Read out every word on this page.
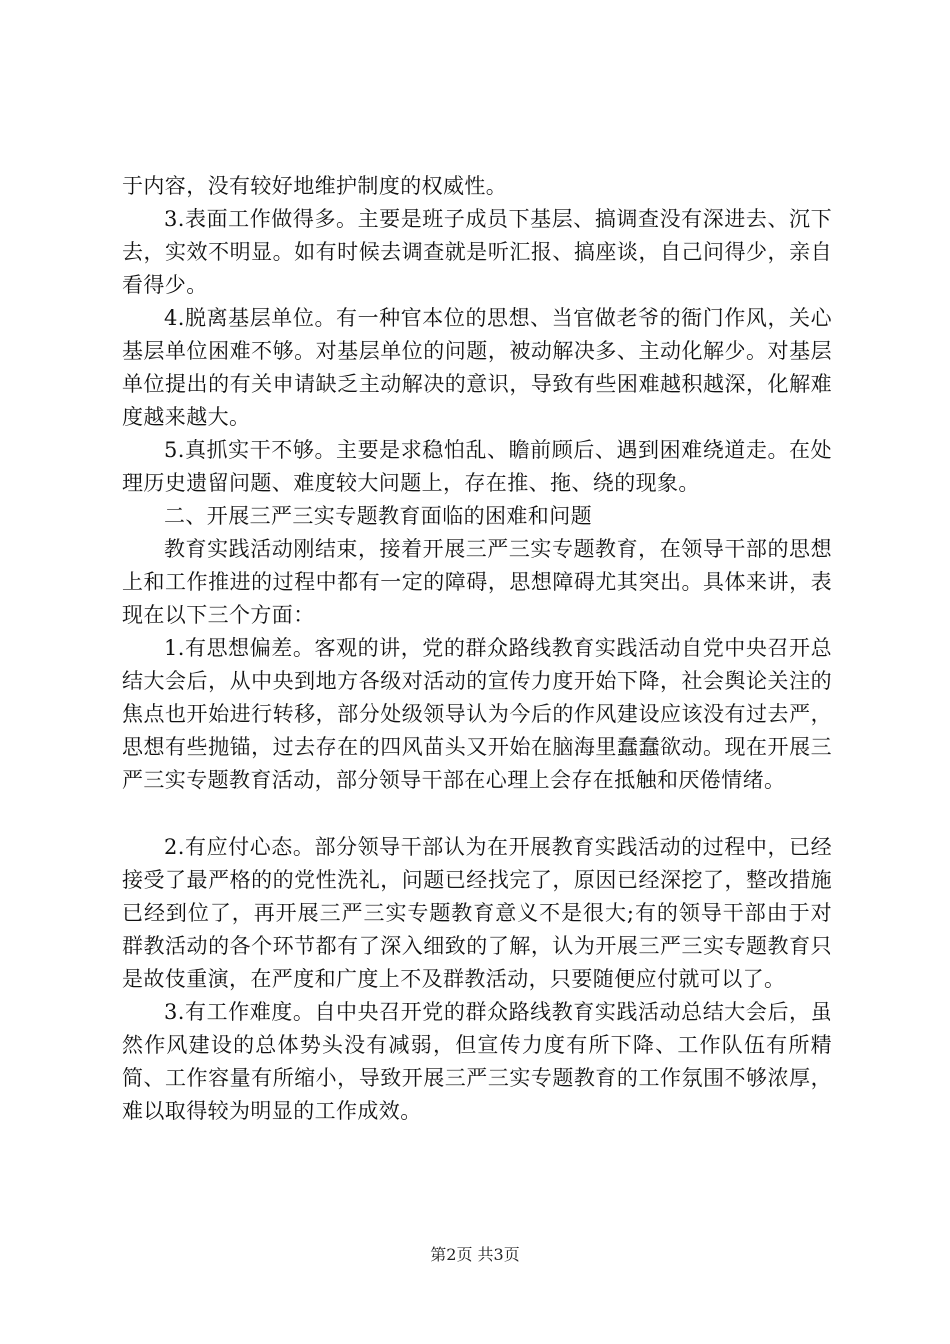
于内容，没有较好地维护制度的权威性。

3.表面工作做得多。主要是班子成员下基层、搞调查没有深进去、沉下去，实效不明显。如有时候去调查就是听汇报、搞座谈，自己问得少，亲自看得少。

4.脱离基层单位。有一种官本位的思想、当官做老爷的衙门作风，关心基层单位困难不够。对基层单位的问题，被动解决多、主动化解少。对基层单位提出的有关申请缺乏主动解决的意识，导致有些困难越积越深，化解难度越来越大。

5.真抓实干不够。主要是求稳怕乱、瞻前顾后、遇到困难绕道走。在处理历史遗留问题、难度较大问题上，存在推、拖、绕的现象。

二、开展三严三实专题教育面临的困难和问题

教育实践活动刚结束，接着开展三严三实专题教育，在领导干部的思想上和工作推进的过程中都有一定的障碍，思想障碍尤其突出。具体来讲，表现在以下三个方面：

1.有思想偏差。客观的讲，党的群众路线教育实践活动自党中央召开总结大会后，从中央到地方各级对活动的宣传力度开始下降，社会舆论关注的焦点也开始进行转移，部分处级领导认为今后的作风建设应该没有过去严，思想有些抛锚，过去存在的四风苗头又开始在脑海里蠢蠢欲动。现在开展三严三实专题教育活动，部分领导干部在心理上会存在抵触和厌倦情绪。

2.有应付心态。部分领导干部认为在开展教育实践活动的过程中，已经接受了最严格的的党性洗礼，问题已经找完了，原因已经深挖了，整改措施已经到位了，再开展三严三实专题教育意义不是很大;有的领导干部由于对群教活动的各个环节都有了深入细致的了解，认为开展三严三实专题教育只是故伎重演，在严度和广度上不及群教活动，只要随便应付就可以了。

3.有工作难度。自中央召开党的群众路线教育实践活动总结大会后，虽然作风建设的总体势头没有减弱，但宣传力度有所下降、工作队伍有所精简、工作容量有所缩小，导致开展三严三实专题教育的工作氛围不够浓厚，难以取得较为明显的工作成效。

第2页 共3页
